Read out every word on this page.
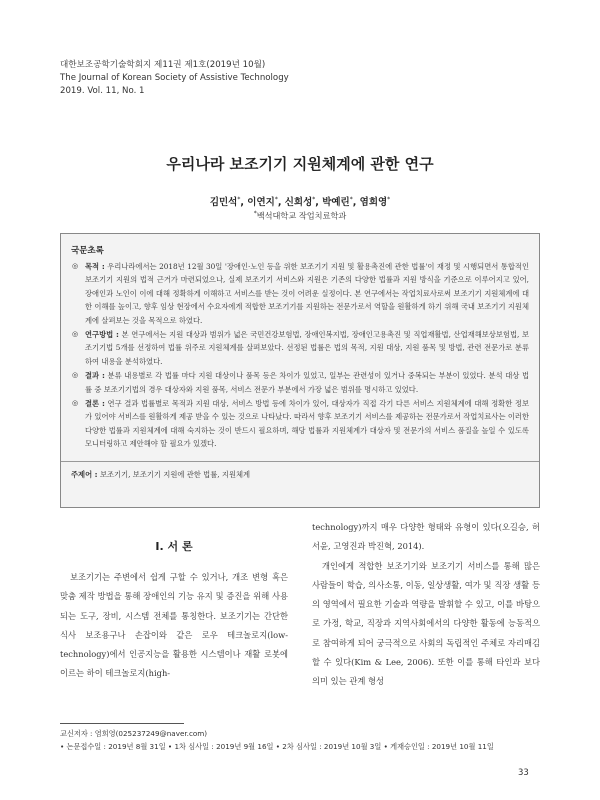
대한보조공학기술학회지 제11권 제1호(2019년 10월)
The Journal of Korean Society of Assistive Technology
2019. Vol. 11, No. 1
우리나라 보조기기 지원체계에 관한 연구
김민석*, 이연지*, 신희성*, 박예린*, 염희영*
*백석대학교 작업치료학과
국문초록
◎ 목적 : 우리나라에서는 2018년 12월 30일 '장애인·노인 등을 위한 보조기기 지원 및 활용촉진에 관한 법률'이 재정 및 시행되면서 통합적인 보조기기 지원의 법적 근거가 마련되었으나, 실제 보조기기 서비스와 지원은 기존의 다양한 법률과 지원 방식을 기준으로 이루어지고 있어, 장애인과 노인이 이에 대해 정확하게 이해하고 서비스를 받는 것이 어려운 실정이다. 본 연구에서는 작업치료사로써 보조기기 지원체계에 대한 이해를 높이고, 향후 임상 현장에서 수요자에게 적합한 보조기기를 지원하는 전문가로서 역할을 원활하게 하기 위해 국내 보조기기 지원체계에 살펴보는 것을 목적으로 하였다.
◎ 연구방법 : 본 연구에서는 지원 대상과 범위가 넓은 국민건강보험법, 장애인복지법, 장애인고용촉진 및 직업재활법, 산업재해보상보험법, 보조기기법 5개를 선정하여 법률 위주로 지원체계를 살펴보았다. 선정된 법률은 법의 목적, 지원 대상, 지원 품목 및 방법, 관련 전문가로 분류하여 내용을 분석하였다.
◎ 결과 : 분류 내용별로 각 법률 마다 지원 대상이나 품목 등은 차이가 있었고, 일부는 관련성이 있거나 중복되는 부분이 있었다. 분석 대상 법률 중 보조기기법의 경우 대상자와 지원 품목, 서비스 전문가 부분에서 가장 넓은 범위를 명시하고 있었다.
◎ 결론 : 연구 결과 법률별로 목적과 지원 대상, 서비스 방법 등에 차이가 있어, 대상자가 직접 각기 다른 서비스 지원체계에 대해 정확한 정보가 있어야 서비스를 원활하게 제공 받을 수 있는 것으로 나타났다. 따라서 향후 보조기기 서비스를 제공하는 전문가로서 작업치료사는 이러한 다양한 법률과 지원체계에 대해 숙지하는 것이 반드시 필요하며, 해당 법률과 지원체계가 대상자 및 전문가의 서비스 품질을 높일 수 있도록 모니터링하고 제안해야 할 필요가 있겠다.
주제어 : 보조기기, 보조기기 지원에 관한 법률, 지원체계
Ⅰ. 서 론

보조기기는 주변에서 쉽게 구할 수 있거나, 개조 변형 혹은 맞춤 제작 방법을 통해 장애인의 기능 유지 및 증진을 위해 사용되는 도구, 장비, 시스템 전체를 통칭한다. 보조기기는 간단한 식사 보조용구나 손잡이와 같은 로우 테크놀로지(low-technology)에서 인공지능을 활용한 시스템이나 재활 로봇에 이르는 하이 테크놀로지(high-

technology)까지 매우 다양한 형태와 유형이 있다(오길승, 허서윤, 고영진과 박진혁, 2014).

개인에게 적합한 보조기기와 보조기기 서비스를 통해 많은 사람들이 학습, 의사소통, 이동, 일상생활, 여가 및 직장 생활 등의 영역에서 필요한 기술과 역량을 발휘할 수 있고, 이를 바탕으로 가정, 학교, 직장과 지역사회에서의 다양한 활동에 능동적으로 참여하게 되어 궁극적으로 사회의 독립적인 주체로 자리매김할 수 있다(Kim & Lee, 2006). 또한 이를 통해 타인과 보다 의미 있는 관계 형성

교신저자 : 염희영(025237249@naver.com)
• 논문접수일 : 2019년 8월 31일 • 1차 심사일 : 2019년 9월 16일 • 2차 심사일 : 2019년 10월 3일 • 게재승인일 : 2019년 10월 11일
33
